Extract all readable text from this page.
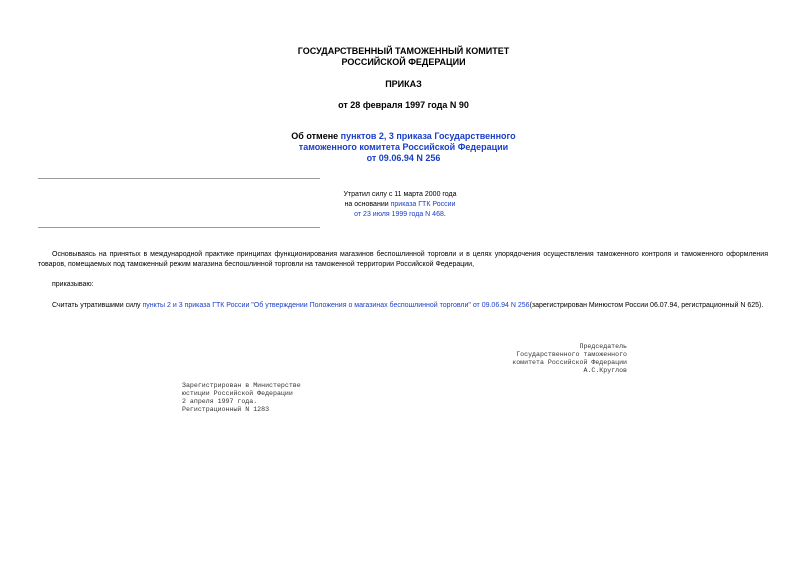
ГОСУДАРСТВЕННЫЙ ТАМОЖЕННЫЙ КОМИТЕТ
РОССИЙСКОЙ ФЕДЕРАЦИИ
ПРИКАЗ
от 28 февраля 1997 года N 90
Об отмене пунктов 2, 3 приказа Государственного
таможенного комитета Российской Федерации
от 09.06.94 N 256
Утратил силу с 11 марта 2000 года
на основании приказа ГТК России
от 23 июля 1999 года N 468.
Основываясь на принятых в международной практике принципах функционирования магазинов беспошлинной торговли и в целях упорядочения осуществления таможенного контроля и таможенного оформления товаров, помещаемых под таможенный режим магазина беспошлинной торговли на таможенной территории Российской Федерации,
приказываю:
Считать утратившими силу пункты 2 и 3 приказа ГТК России "Об утверждении Положения о магазинах беспошлинной торговли" от 09.06.94 N 256(зарегистрирован Минюстом России 06.07.94, регистрационный N 625).
Председатель
Государственного таможенного
комитета Российской Федерации
А.С.Круглов
Зарегистрирован в Министерстве
юстиции Российской Федерации
2 апреля 1997 года.
Регистрационный N 1283
